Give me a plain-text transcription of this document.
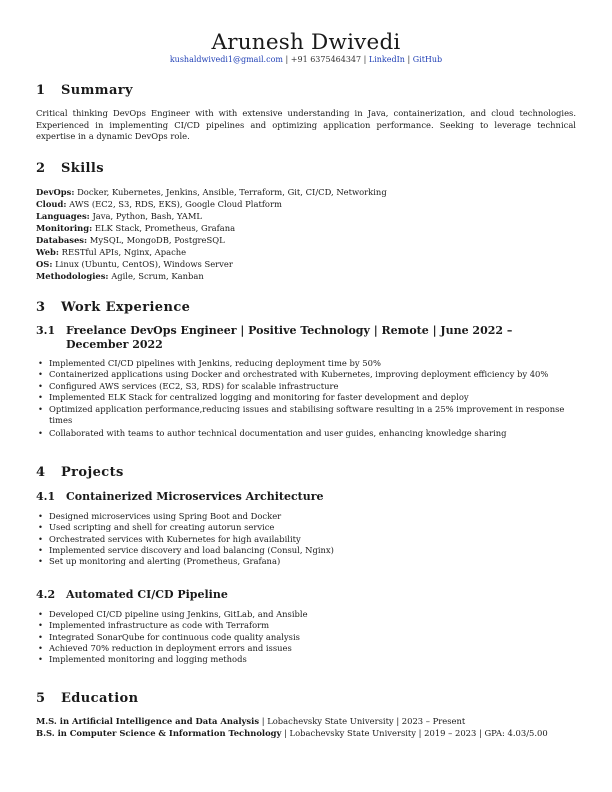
Arunesh Dwivedi
kushaldwivedi1@gmail.com | +91 6375464347 | LinkedIn | GitHub
1 Summary
Critical thinking DevOps Engineer with with extensive understanding in Java, containerization, and cloud technologies. Experienced in implementing CI/CD pipelines and optimizing application performance. Seeking to leverage technical expertise in a dynamic DevOps role.
2 Skills
DevOps: Docker, Kubernetes, Jenkins, Ansible, Terraform, Git, CI/CD, Networking
Cloud: AWS (EC2, S3, RDS, EKS), Google Cloud Platform
Languages: Java, Python, Bash, YAML
Monitoring: ELK Stack, Prometheus, Grafana
Databases: MySQL, MongoDB, PostgreSQL
Web: RESTful APIs, Nginx, Apache
OS: Linux (Ubuntu, CentOS), Windows Server
Methodologies: Agile, Scrum, Kanban
3 Work Experience
3.1 Freelance DevOps Engineer | Positive Technology | Remote | June 2022 – December 2022
• Implemented CI/CD pipelines with Jenkins, reducing deployment time by 50%
• Containerized applications using Docker and orchestrated with Kubernetes, improving deployment efficiency by 40%
• Configured AWS services (EC2, S3, RDS) for scalable infrastructure
• Implemented ELK Stack for centralized logging and monitoring for faster development and deploy
• Optimized application performance,reducing issues and stabilising software resulting in a 25% improvement in response times
• Collaborated with teams to author technical documentation and user guides, enhancing knowledge sharing
4 Projects
4.1 Containerized Microservices Architecture
• Designed microservices using Spring Boot and Docker
• Used scripting and shell for creating autorun service
• Orchestrated services with Kubernetes for high availability
• Implemented service discovery and load balancing (Consul, Nginx)
• Set up monitoring and alerting (Prometheus, Grafana)
4.2 Automated CI/CD Pipeline
• Developed CI/CD pipeline using Jenkins, GitLab, and Ansible
• Implemented infrastructure as code with Terraform
• Integrated SonarQube for continuous code quality analysis
• Achieved 70% reduction in deployment errors and issues
• Implemented monitoring and logging methods
5 Education
M.S. in Artificial Intelligence and Data Analysis | Lobachevsky State University | 2023 – Present
B.S. in Computer Science & Information Technology | Lobachevsky State University | 2019 – 2023 | GPA: 4.03/5.00
